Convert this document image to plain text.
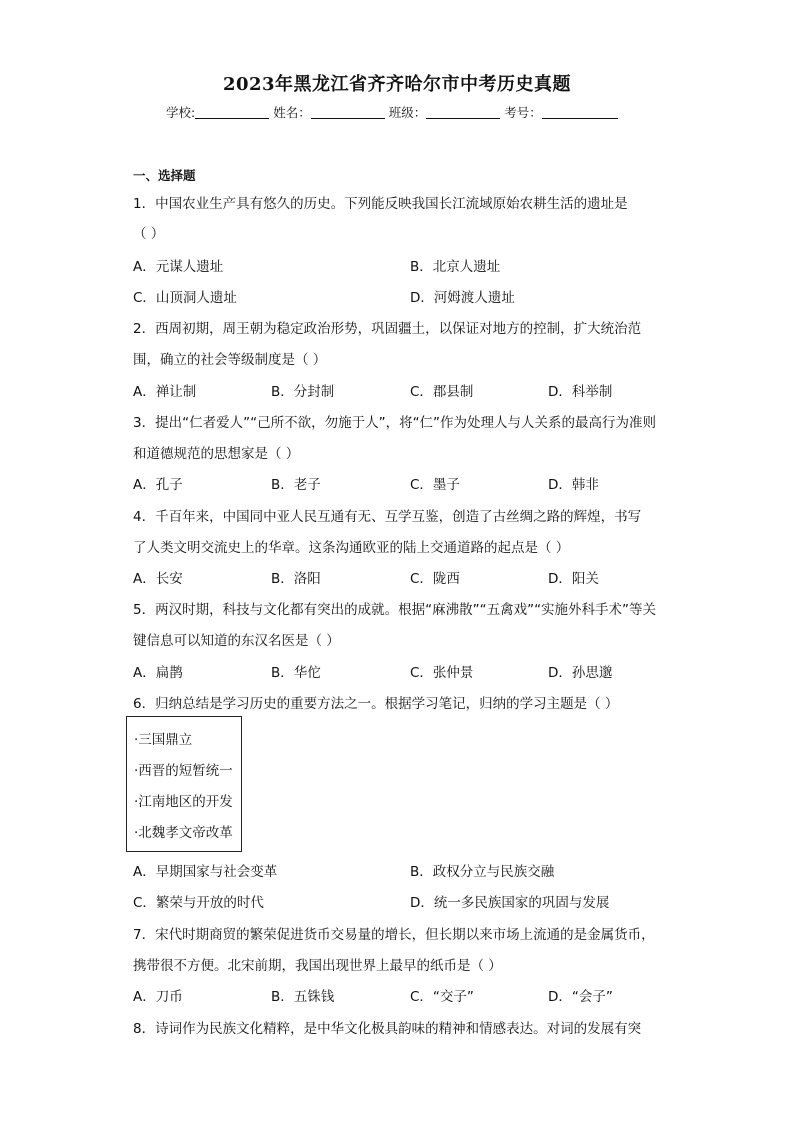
2023年黑龙江省齐齐哈尔市中考历史真题
学校:	姓名：	班级：	考号：
一、选择题
1．中国农业生产具有悠久的历史。下列能反映我国长江流域原始农耕生活的遗址是
（ ）
A．元谋人遗址	B．北京人遗址
C．山顶洞人遗址	D．河姆渡人遗址
2．西周初期，周王朝为稳定政治形势，巩固疆土，以保证对地方的控制，扩大统治范
围，确立的社会等级制度是（ ）
A．禅让制	B．分封制	C．郡县制	D．科举制
3．提出“仁者爱人”“己所不欲，勿施于人”，将“仁”作为处理人与人关系的最高行为准则
和道德规范的思想家是（ ）
A．孔子	B．老子	C．墨子	D．韩非
4．千百年来，中国同中亚人民互通有无、互学互鉴，创造了古丝绸之路的辉煌，书写
了人类文明交流史上的华章。这条沟通欧亚的陆上交通道路的起点是（ ）
A．长安	B．洛阳	C．陇西	D．阳关
5．两汉时期，科技与文化都有突出的成就。根据“麻沸散”“五禽戏”“实施外科手术”等关
键信息可以知道的东汉名医是（ ）
A．扁鹊	B．华佗	C．张仲景	D．孙思邈
6．归纳总结是学习历史的重要方法之一。根据学习笔记，归纳的学习主题是（ ）
·三国鼎立
·西晋的短暂统一
·江南地区的开发
·北魏孝文帝改革
A．早期国家与社会变革	B．政权分立与民族交融
C．繁荣与开放的时代	D．统一多民族国家的巩固与发展
7．宋代时期商贸的繁荣促进货币交易量的增长，但长期以来市场上流通的是金属货币，
携带很不方便。北宋前期，我国出现世界上最早的纸币是（ ）
A．刀币	B．五铢钱	C．“交子”	D．“会子”
8．诗词作为民族文化精粹，是中华文化极具韵味的精神和情感表达。对词的发展有突
